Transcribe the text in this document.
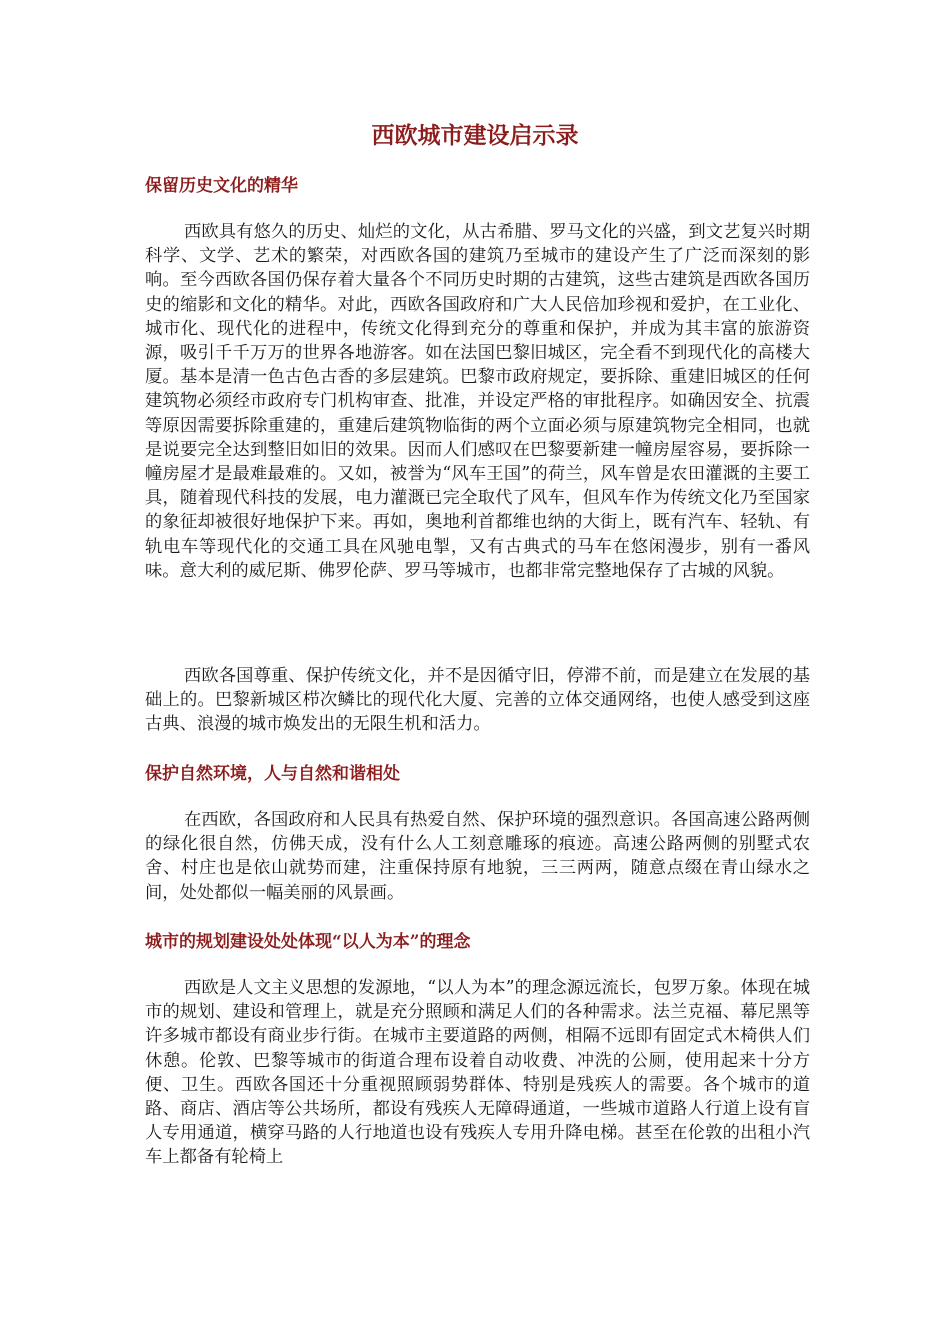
西欧城市建设启示录
保留历史文化的精华

西欧具有悠久的历史、灿烂的文化，从古希腊、罗马文化的兴盛，到文艺复兴时期科学、文学、艺术的繁荣，对西欧各国的建筑乃至城市的建设产生了广泛而深刻的影响。至今西欧各国仍保存着大量各个不同历史时期的古建筑，这些古建筑是西欧各国历史的缩影和文化的精华。对此，西欧各国政府和广大人民倍加珍视和爱护，在工业化、城市化、现代化的进程中，传统文化得到充分的尊重和保护，并成为其丰富的旅游资源，吸引千千万万的世界各地游客。如在法国巴黎旧城区，完全看不到现代化的高楼大厦。基本是清一色古色古香的多层建筑。巴黎市政府规定，要拆除、重建旧城区的任何建筑物必须经市政府专门机构审查、批准，并设定严格的审批程序。如确因安全、抗震等原因需要拆除重建的，重建后建筑物临街的两个立面必须与原建筑物完全相同，也就是说要完全达到整旧如旧的效果。因而人们感叹在巴黎要新建一幢房屋容易，要拆除一幢房屋才是最难最难的。又如，被誉为“风车王国”的荷兰，风车曾是农田灌溉的主要工具，随着现代科技的发展，电力灌溉已完全取代了风车，但风车作为传统文化乃至国家的象征却被很好地保护下来。再如，奥地利首都维也纳的大街上，既有汽车、轻轨、有轨电车等现代化的交通工具在风驰电掣，又有古典式的马车在悠闲漫步，别有一番风味。意大利的威尼斯、佛罗伦萨、罗马等城市，也都非常完整地保存了古城的风貌。

西欧各国尊重、保护传统文化，并不是因循守旧，停滞不前，而是建立在发展的基础上的。巴黎新城区栉次鳞比的现代化大厦、完善的立体交通网络，也使人感受到这座古典、浪漫的城市焕发出的无限生机和活力。

保护自然环境，人与自然和谐相处

在西欧，各国政府和人民具有热爱自然、保护环境的强烈意识。各国高速公路两侧的绿化很自然，仿佛天成，没有什么人工刻意雕琢的痕迹。高速公路两侧的别墅式农舍、村庄也是依山就势而建，注重保持原有地貌，三三两两，随意点缀在青山绿水之间，处处都似一幅美丽的风景画。

城市的规划建设处处体现“以人为本”的理念

西欧是人文主义思想的发源地，“以人为本”的理念源远流长，包罗万象。体现在城市的规划、建设和管理上，就是充分照顾和满足人们的各种需求。法兰克福、幕尼黑等许多城市都设有商业步行街。在城市主要道路的两侧，相隔不远即有固定式木椅供人们休憩。伦敦、巴黎等城市的街道合理布设着自动收费、冲洗的公厕，使用起来十分方便、卫生。西欧各国还十分重视照顾弱势群体、特别是残疾人的需要。各个城市的道路、商店、酒店等公共场所，都设有残疾人无障碍通道，一些城市道路人行道上设有盲人专用通道，横穿马路的人行地道也设有残疾人专用升降电梯。甚至在伦敦的出租小汽车上都备有轮椅上
